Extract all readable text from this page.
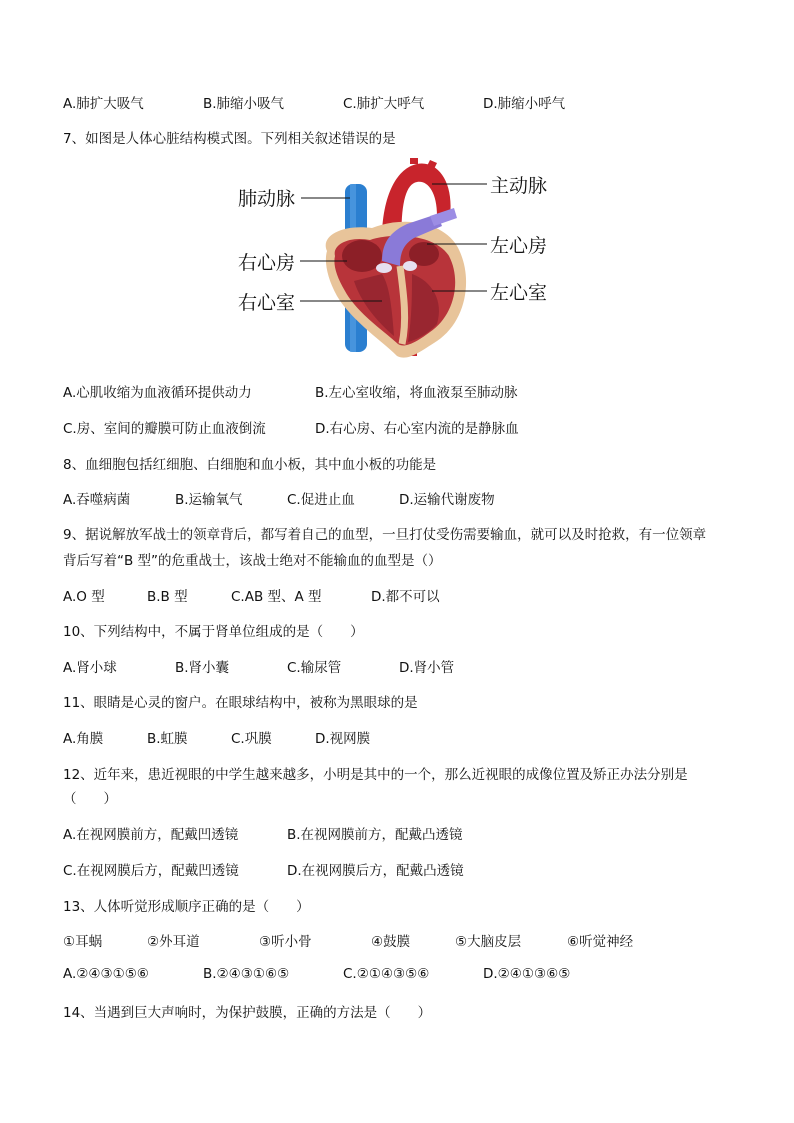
A.肺扩大吸气	B.肺缩小吸气	C.肺扩大呼气	D.肺缩小呼气
7、如图是人体心脏结构模式图。下列相关叙述错误的是
肺动脉
主动脉
右心房
左心房
右心室	左心室
A.心肌收缩为血液循环提供动力	B.左心室收缩，将血液泵至肺动脉
C.房、室间的瓣膜可防止血液倒流	D.右心房、右心室内流的是静脉血
8、血细胞包括红细胞、白细胞和血小板，其中血小板的功能是
A.吞噬病菌	B.运输氧气	C.促进止血	D.运输代谢废物
9、据说解放军战士的领章背后，都写着自己的血型，一旦打仗受伤需要输血，就可以及时抢救，有一位领章
背后写着“B 型”的危重战士，该战士绝对不能输血的血型是（）
A.O 型	B.B 型	C.AB 型、A 型	D.都不可以
10、下列结构中，不属于肾单位组成的是（　　）
A.肾小球	B.肾小囊	C.输尿管	D.肾小管
11、眼睛是心灵的窗户。在眼球结构中，被称为黑眼球的是
A.角膜	B.虹膜	C.巩膜	D.视网膜
12、近年来，患近视眼的中学生越来越多，小明是其中的一个，那么近视眼的成像位置及矫正办法分别是
（　　）
A.在视网膜前方，配戴凹透镜	B.在视网膜前方，配戴凸透镜
C.在视网膜后方，配戴凹透镜	D.在视网膜后方，配戴凸透镜
13、人体听觉形成顺序正确的是（　　）
①耳蜗	②外耳道	③听小骨	④鼓膜	⑤大脑皮层	⑥听觉神经
A.②④③①⑤⑥	B.②④③①⑥⑤	C.②①④③⑤⑥	D.②④①③⑥⑤
14、当遇到巨大声响时，为保护鼓膜，正确的方法是（　　）
